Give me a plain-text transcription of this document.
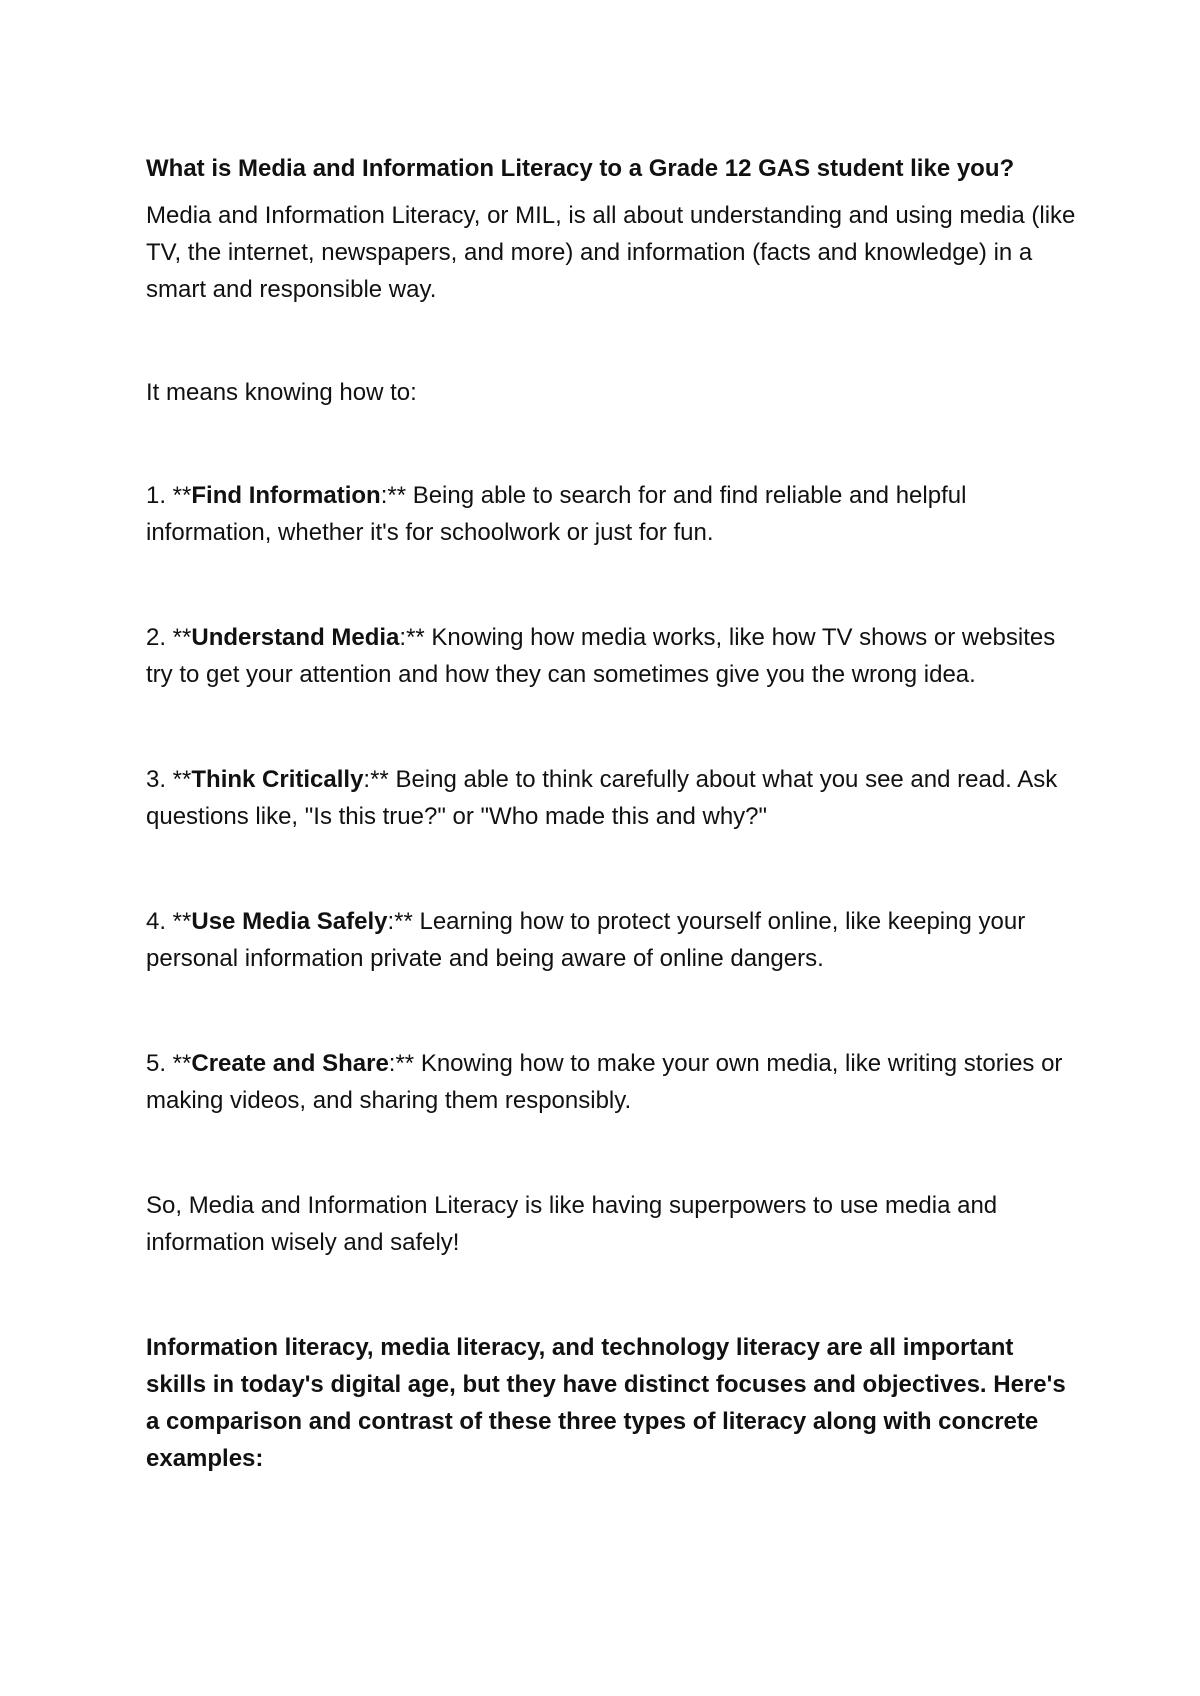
What is Media and Information Literacy to a Grade 12 GAS student like you?

Media and Information Literacy, or MIL, is all about understanding and using media (like TV, the internet, newspapers, and more) and information (facts and knowledge) in a smart and responsible way.

It means knowing how to:

1. **Find Information:** Being able to search for and find reliable and helpful information, whether it's for schoolwork or just for fun.

2. **Understand Media:** Knowing how media works, like how TV shows or websites try to get your attention and how they can sometimes give you the wrong idea.

3. **Think Critically:** Being able to think carefully about what you see and read. Ask questions like, "Is this true?" or "Who made this and why?"

4. **Use Media Safely:** Learning how to protect yourself online, like keeping your personal information private and being aware of online dangers.

5. **Create and Share:** Knowing how to make your own media, like writing stories or making videos, and sharing them responsibly.

So, Media and Information Literacy is like having superpowers to use media and information wisely and safely!

Information literacy, media literacy, and technology literacy are all important skills in today's digital age, but they have distinct focuses and objectives. Here's a comparison and contrast of these three types of literacy along with concrete examples:
